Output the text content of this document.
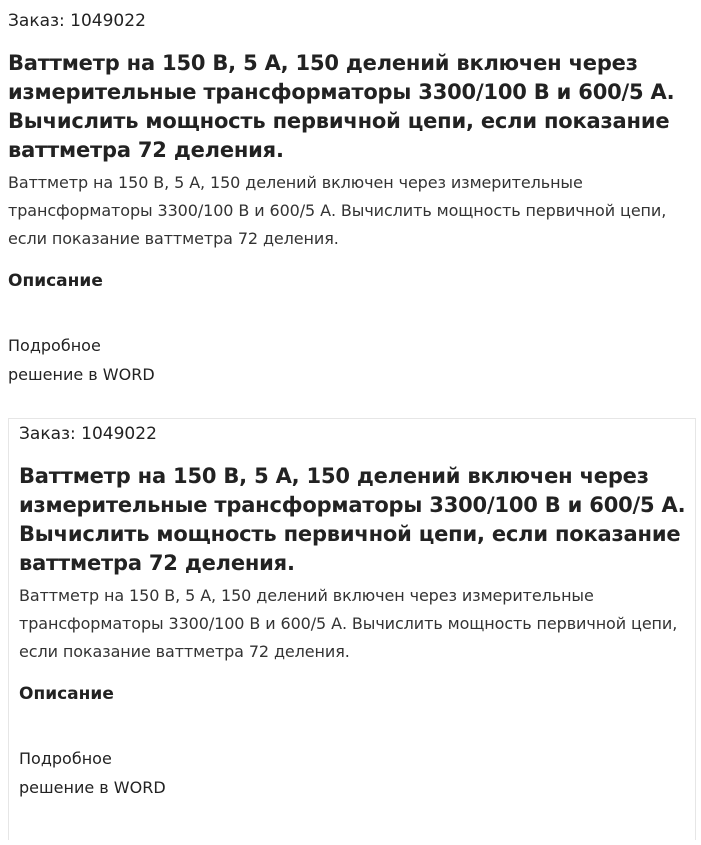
Заказ: 1049022

Ваттметр на 150 В, 5 А, 150 делений включен через измерительные трансформаторы 3300/100 В и 600/5 А. Вычислить мощность первичной цепи, если показание ваттметра 72 деления.

Ваттметр на 150 В, 5 А, 150 делений включен через измерительные трансформаторы 3300/100 В и 600/5 А. Вычислить мощность первичной цепи, если показание ваттметра 72 деления.

Описание
Подробное
решение в WORD

Заказ: 1049022

Ваттметр на 150 В, 5 А, 150 делений включен через измерительные трансформаторы 3300/100 В и 600/5 А. Вычислить мощность первичной цепи, если показание ваттметра 72 деления.

Ваттметр на 150 В, 5 А, 150 делений включен через измерительные трансформаторы 3300/100 В и 600/5 А. Вычислить мощность первичной цепи, если показание ваттметра 72 деления.

Описание
Подробное
решение в WORD
